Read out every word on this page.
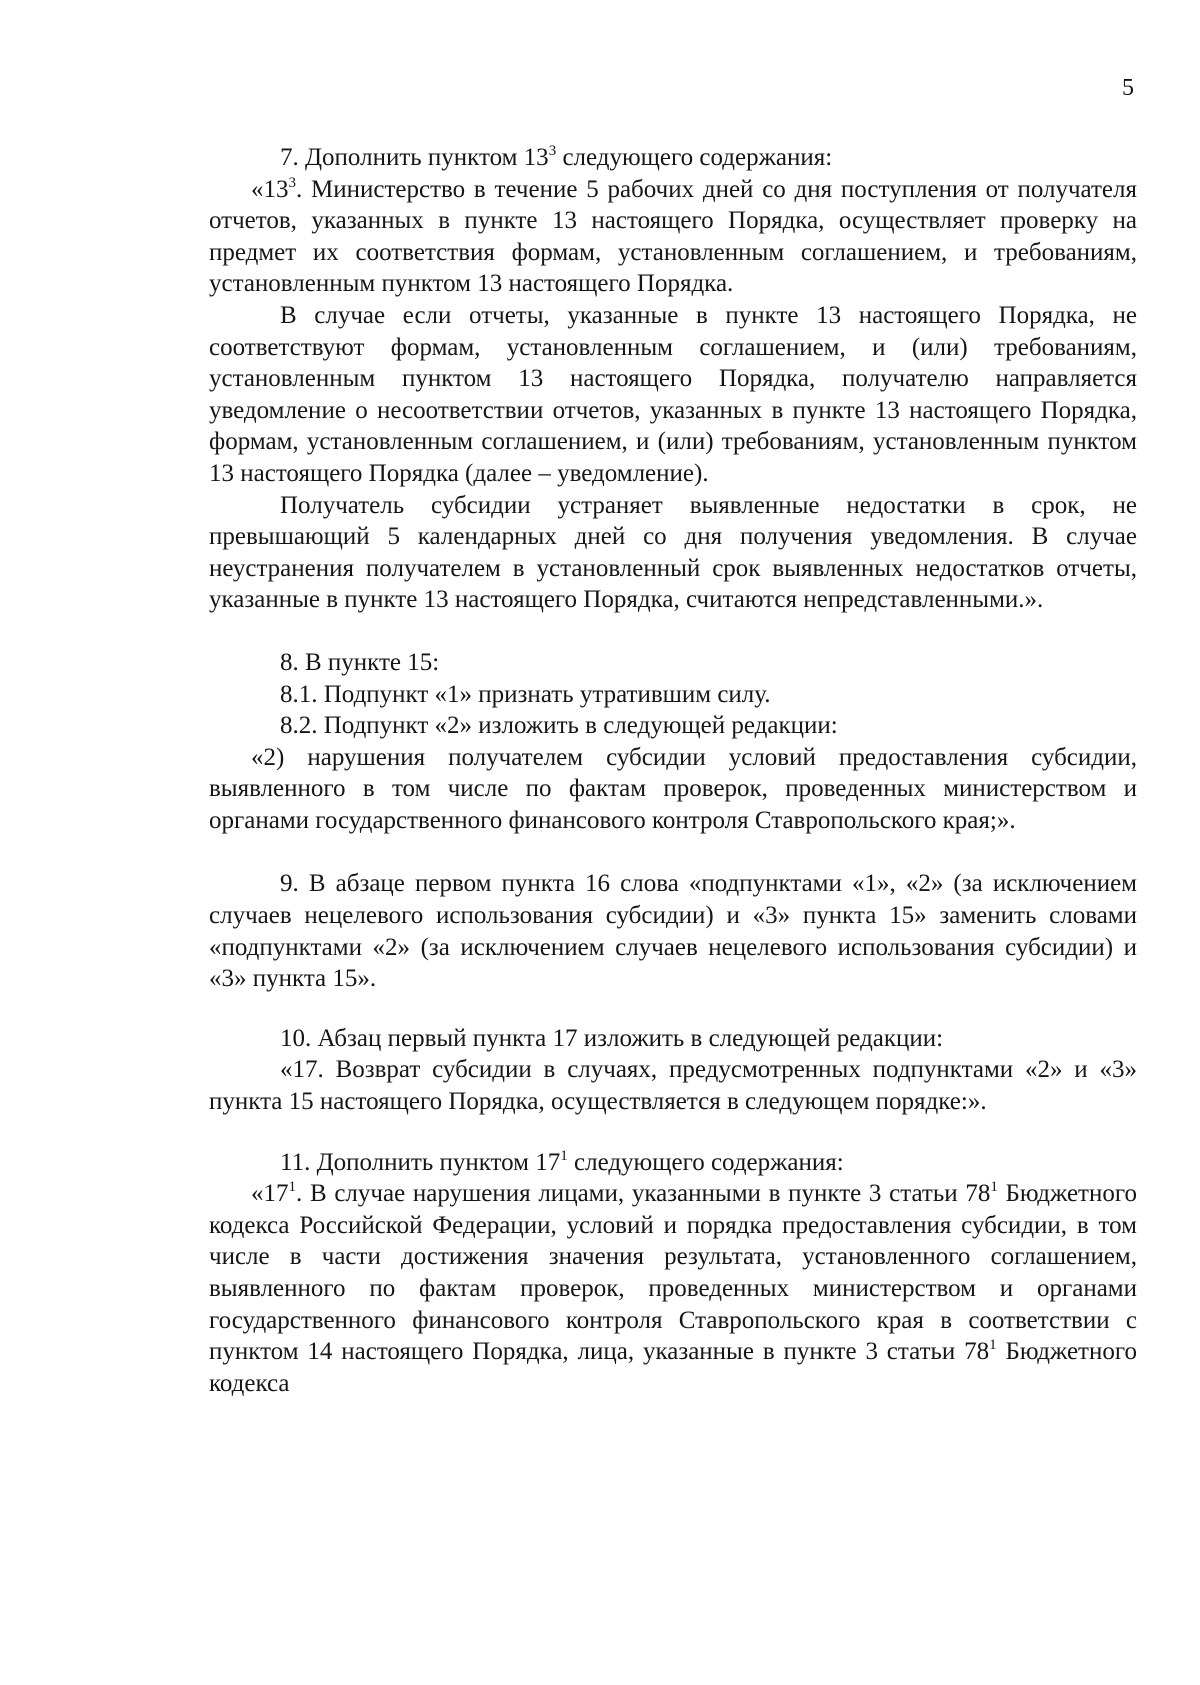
5

7. Дополнить пунктом $13^3$ следующего содержания:

«$13^3$. Министерство в течение 5 рабочих дней со дня поступления от получателя отчетов, указанных в пункте 13 настоящего Порядка, осуществляет проверку на предмет их соответствия формам, установленным соглашением, и требованиям, установленным пунктом 13 настоящего Порядка.

В случае если отчеты, указанные в пункте 13 настоящего Порядка, не соответствуют формам, установленным соглашением, и (или) требованиям, установленным пунктом 13 настоящего Порядка, получателю направляется уведомление о несоответствии отчетов, указанных в пункте 13 настоящего Порядка, формам, установленным соглашением, и (или) требованиям, установленным пунктом 13 настоящего Порядка (далее – уведомление).

Получатель субсидии устраняет выявленные недостатки в срок, не превышающий 5 календарных дней со дня получения уведомления. В случае неустранения получателем в установленный срок выявленных недостатков отчеты, указанные в пункте 13 настоящего Порядка, считаются непредставленными.».

8. В пункте 15:

8.1. Подпункт «1» признать утратившим силу.

8.2. Подпункт «2» изложить в следующей редакции:

«2) нарушения получателем субсидии условий предоставления субсидии, выявленного в том числе по фактам проверок, проведенных министерством и органами государственного финансового контроля Ставропольского края;».

9. В абзаце первом пункта 16 слова «подпунктами «1», «2» (за исключением случаев нецелевого использования субсидии) и «3» пункта 15» заменить словами «подпунктами «2» (за исключением случаев нецелевого использования субсидии) и «3» пункта 15».

10. Абзац первый пункта 17 изложить в следующей редакции:

«17. Возврат субсидии в случаях, предусмотренных подпунктами «2» и «3» пункта 15 настоящего Порядка, осуществляется в следующем порядке:».

11. Дополнить пунктом $17^1$ следующего содержания:

«$17^1$. В случае нарушения лицами, указанными в пункте 3 статьи $78^1$ Бюджетного кодекса Российской Федерации, условий и порядка предоставления субсидии, в том числе в части достижения значения результата, установленного соглашением, выявленного по фактам проверок, проведенных министерством и органами государственного финансового контроля Ставропольского края в соответствии с пунктом 14 настоящего Порядка, лица, указанные в пункте 3 статьи $78^1$ Бюджетного кодекса
